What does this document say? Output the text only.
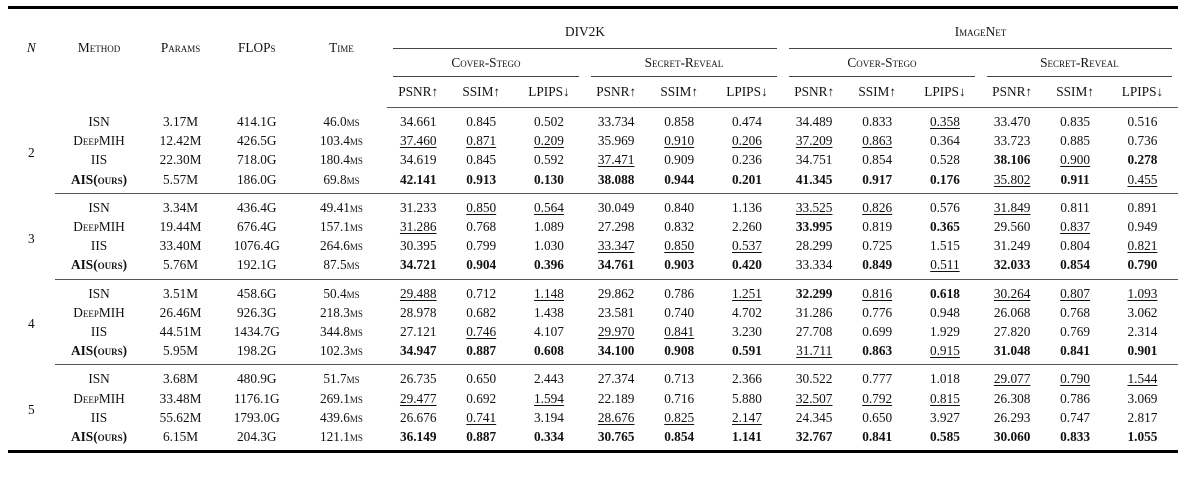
N	Method	Params	FLOPs	Time	DIV2K						ImageNet					
					Cover-Stego			Secret-Reveal			Cover-Stego			Secret-Reveal		
					PSNR↑	SSIM↑	LPIPS↓	PSNR↑	SSIM↑	LPIPS↓	PSNR↑	SSIM↑	LPIPS↓	PSNR↑	SSIM↑	LPIPS↓
2	ISN	3.17M	414.1G	46.0ms	34.661	0.845	0.502	33.734	0.858	0.474	34.489	0.833	0.358	33.470	0.835	0.516
	DeepMIH	12.42M	426.5G	103.4ms	37.460	0.871	0.209	35.969	0.910	0.206	37.209	0.863	0.364	33.723	0.885	0.736
	IIS	22.30M	718.0G	180.4ms	34.619	0.845	0.592	37.471	0.909	0.236	34.751	0.854	0.528	38.106	0.900	0.278
	AIS(ours)	5.57M	186.0G	69.8ms	42.141	0.913	0.130	38.088	0.944	0.201	41.345	0.917	0.176	35.802	0.911	0.455
3	ISN	3.34M	436.4G	49.41ms	31.233	0.850	0.564	30.049	0.840	1.136	33.525	0.826	0.576	31.849	0.811	0.891
	DeepMIH	19.44M	676.4G	157.1ms	31.286	0.768	1.089	27.298	0.832	2.260	33.995	0.819	0.365	29.560	0.837	0.949
	IIS	33.40M	1076.4G	264.6ms	30.395	0.799	1.030	33.347	0.850	0.537	28.299	0.725	1.515	31.249	0.804	0.821
	AIS(ours)	5.76M	192.1G	87.5ms	34.721	0.904	0.396	34.761	0.903	0.420	33.334	0.849	0.511	32.033	0.854	0.790
4	ISN	3.51M	458.6G	50.4ms	29.488	0.712	1.148	29.862	0.786	1.251	32.299	0.816	0.618	30.264	0.807	1.093
	DeepMIH	26.46M	926.3G	218.3ms	28.978	0.682	1.438	23.581	0.740	4.702	31.286	0.776	0.948	26.068	0.768	3.062
	IIS	44.51M	1434.7G	344.8ms	27.121	0.746	4.107	29.970	0.841	3.230	27.708	0.699	1.929	27.820	0.769	2.314
	AIS(ours)	5.95M	198.2G	102.3ms	34.947	0.887	0.608	34.100	0.908	0.591	31.711	0.863	0.915	31.048	0.841	0.901
5	ISN	3.68M	480.9G	51.7ms	26.735	0.650	2.443	27.374	0.713	2.366	30.522	0.777	1.018	29.077	0.790	1.544
	DeepMIH	33.48M	1176.1G	269.1ms	29.477	0.692	1.594	22.189	0.716	5.880	32.507	0.792	0.815	26.308	0.786	3.069
	IIS	55.62M	1793.0G	439.6ms	26.676	0.741	3.194	28.676	0.825	2.147	24.345	0.650	3.927	26.293	0.747	2.817
	AIS(ours)	6.15M	204.3G	121.1ms	36.149	0.887	0.334	30.765	0.854	1.141	32.767	0.841	0.585	30.060	0.833	1.055
